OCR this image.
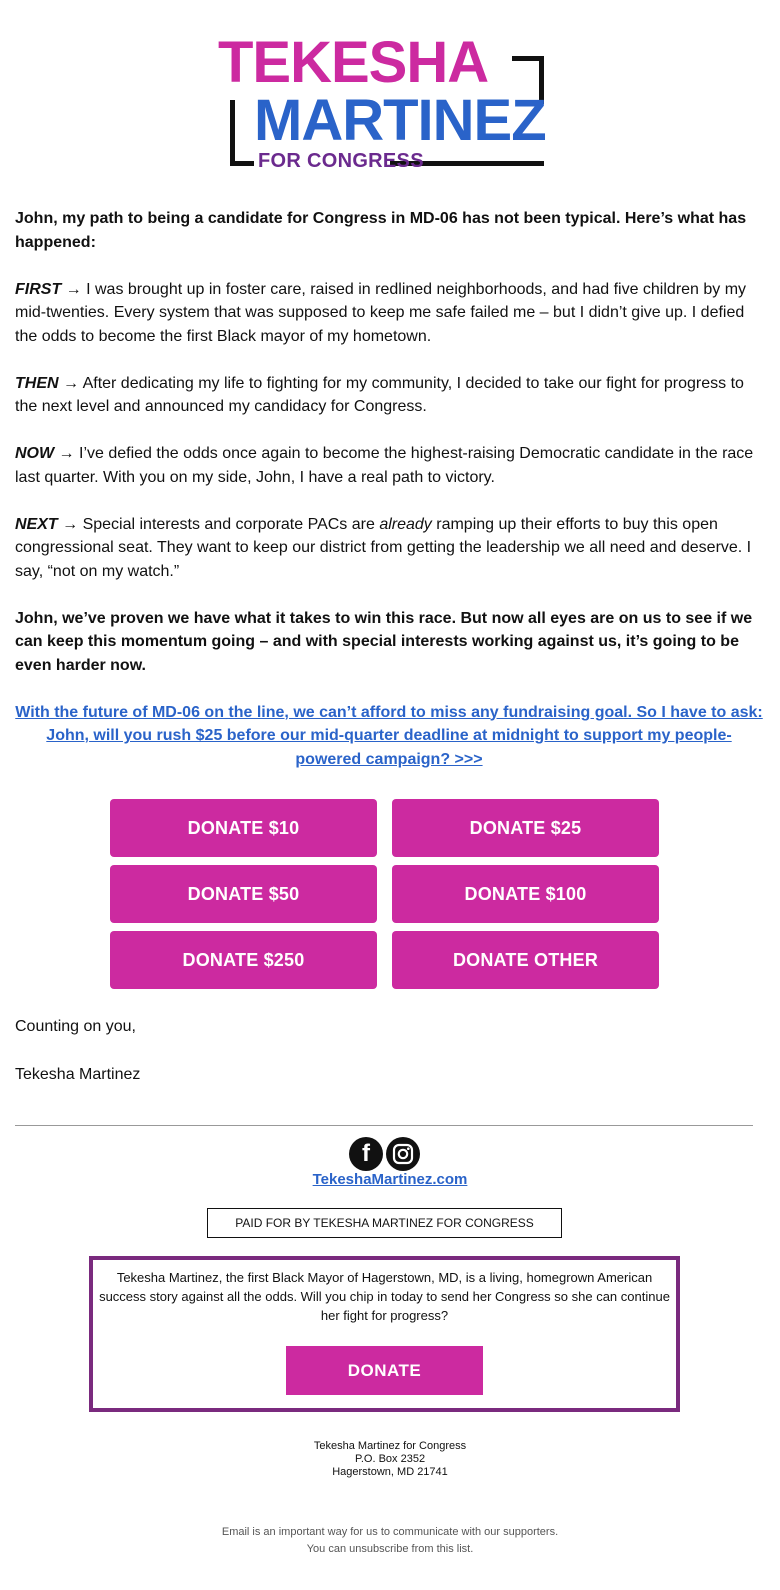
TEKESHA
MARTINEZ
FOR CONGRESS

John, my path to being a candidate for Congress in MD-06 has not been typical. Here’s what has happened:

FIRST → I was brought up in foster care, raised in redlined neighborhoods, and had five children by my mid-twenties. Every system that was supposed to keep me safe failed me – but I didn’t give up. I defied the odds to become the first Black mayor of my hometown.

THEN → After dedicating my life to fighting for my community, I decided to take our fight for progress to the next level and announced my candidacy for Congress.

NOW → I’ve defied the odds once again to become the highest-raising Democratic candidate in the race last quarter. With you on my side, John, I have a real path to victory.

NEXT → Special interests and corporate PACs are already ramping up their efforts to buy this open congressional seat. They want to keep our district from getting the leadership we all need and deserve. I say, “not on my watch.”

John, we’ve proven we have what it takes to win this race. But now all eyes are on us to see if we can keep this momentum going – and with special interests working against us, it’s going to be even harder now.

With the future of MD-06 on the line, we can’t afford to miss any fundraising goal. So I have to ask: John, will you rush $25 before our mid-quarter deadline at midnight to support my people-powered campaign? >>>

DONATE $10	DONATE $25
DONATE $50	DONATE $100
DONATE $250	DONATE OTHER
Counting on you,
Tekesha Martinez
f
TekeshaMartinez.com
PAID FOR BY TEKESHA MARTINEZ FOR CONGRESS
Tekesha Martinez, the first Black Mayor of Hagerstown, MD, is a living, homegrown American success story against all the odds. Will you chip in today to send her Congress so she can continue her fight for progress?
DONATE
Tekesha Martinez for Congress
P.O. Box 2352
Hagerstown, MD 21741
Email is an important way for us to communicate with our supporters.
You can unsubscribe from this list.
